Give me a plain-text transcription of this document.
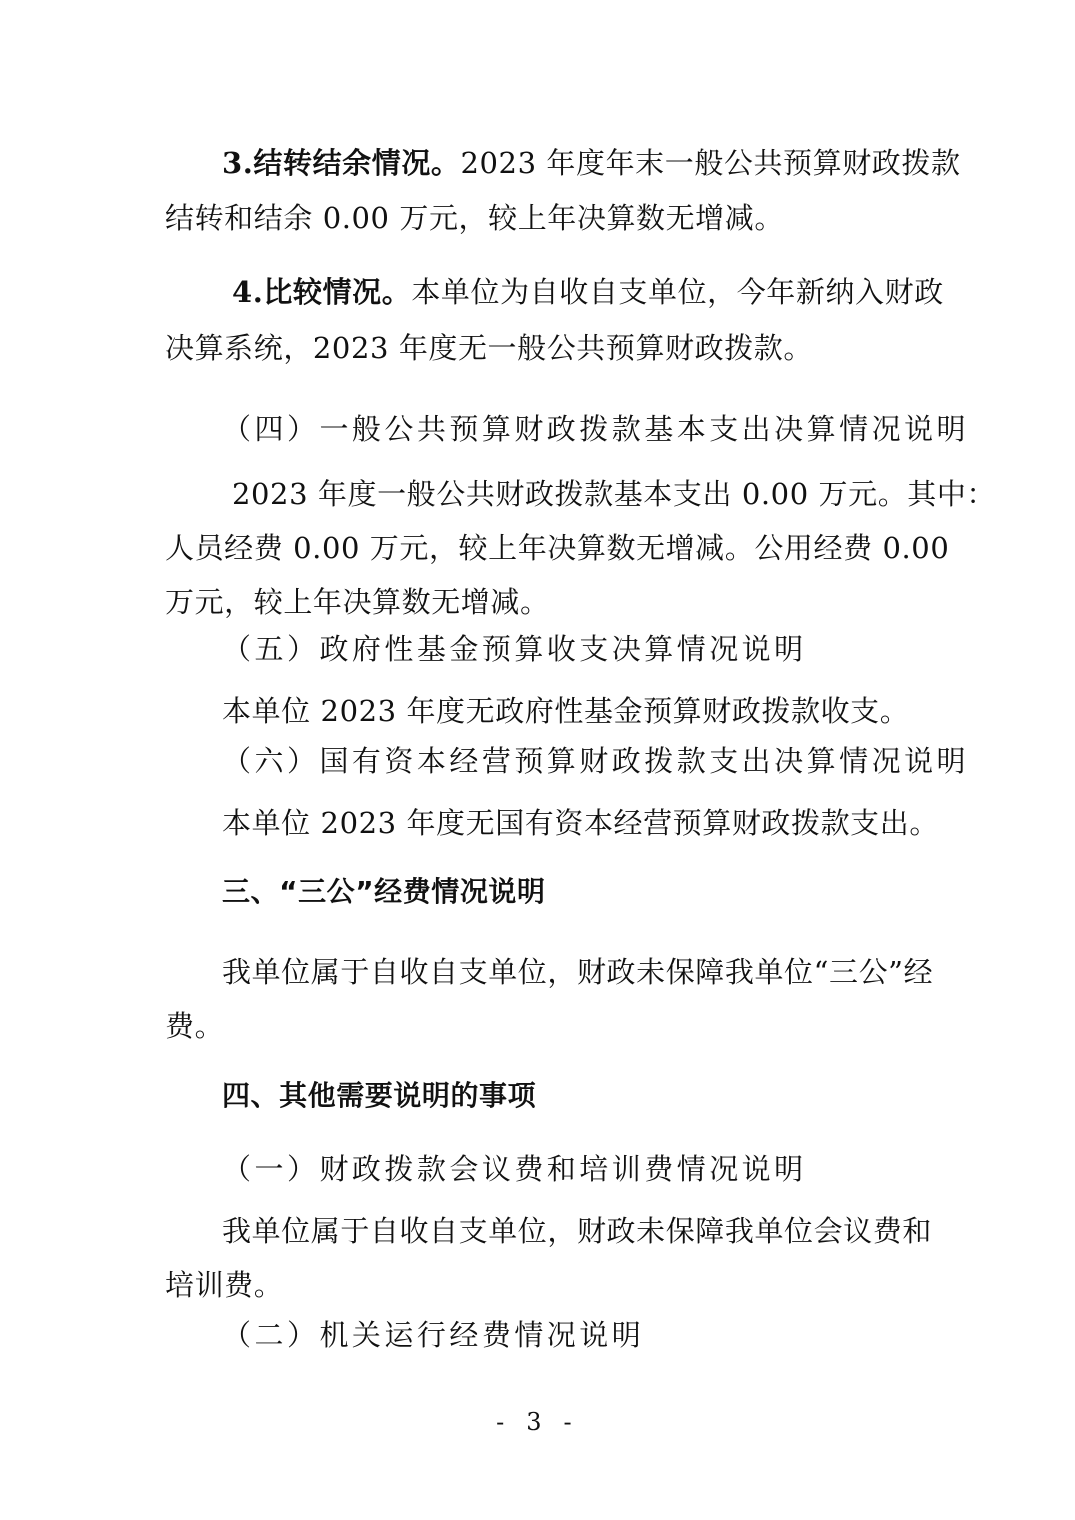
3.结转结余情况。2023 年度年末一般公共预算财政拨款
结转和结余 0.00 万元，较上年决算数无增减。
4.比较情况。本单位为自收自支单位，今年新纳入财政
决算系统，2023 年度无一般公共预算财政拨款。
（四）一般公共预算财政拨款基本支出决算情况说明
2023 年度一般公共财政拨款基本支出 0.00 万元。其中：
人员经费 0.00 万元，较上年决算数无增减。公用经费 0.00
万元，较上年决算数无增减。
（五）政府性基金预算收支决算情况说明
本单位 2023 年度无政府性基金预算财政拨款收支。
（六）国有资本经营预算财政拨款支出决算情况说明
本单位 2023 年度无国有资本经营预算财政拨款支出。
三、“三公”经费情况说明
我单位属于自收自支单位，财政未保障我单位“三公”经
费。
四、其他需要说明的事项
（一）财政拨款会议费和培训费情况说明
我单位属于自收自支单位，财政未保障我单位会议费和
培训费。
（二）机关运行经费情况说明
- 3 -
